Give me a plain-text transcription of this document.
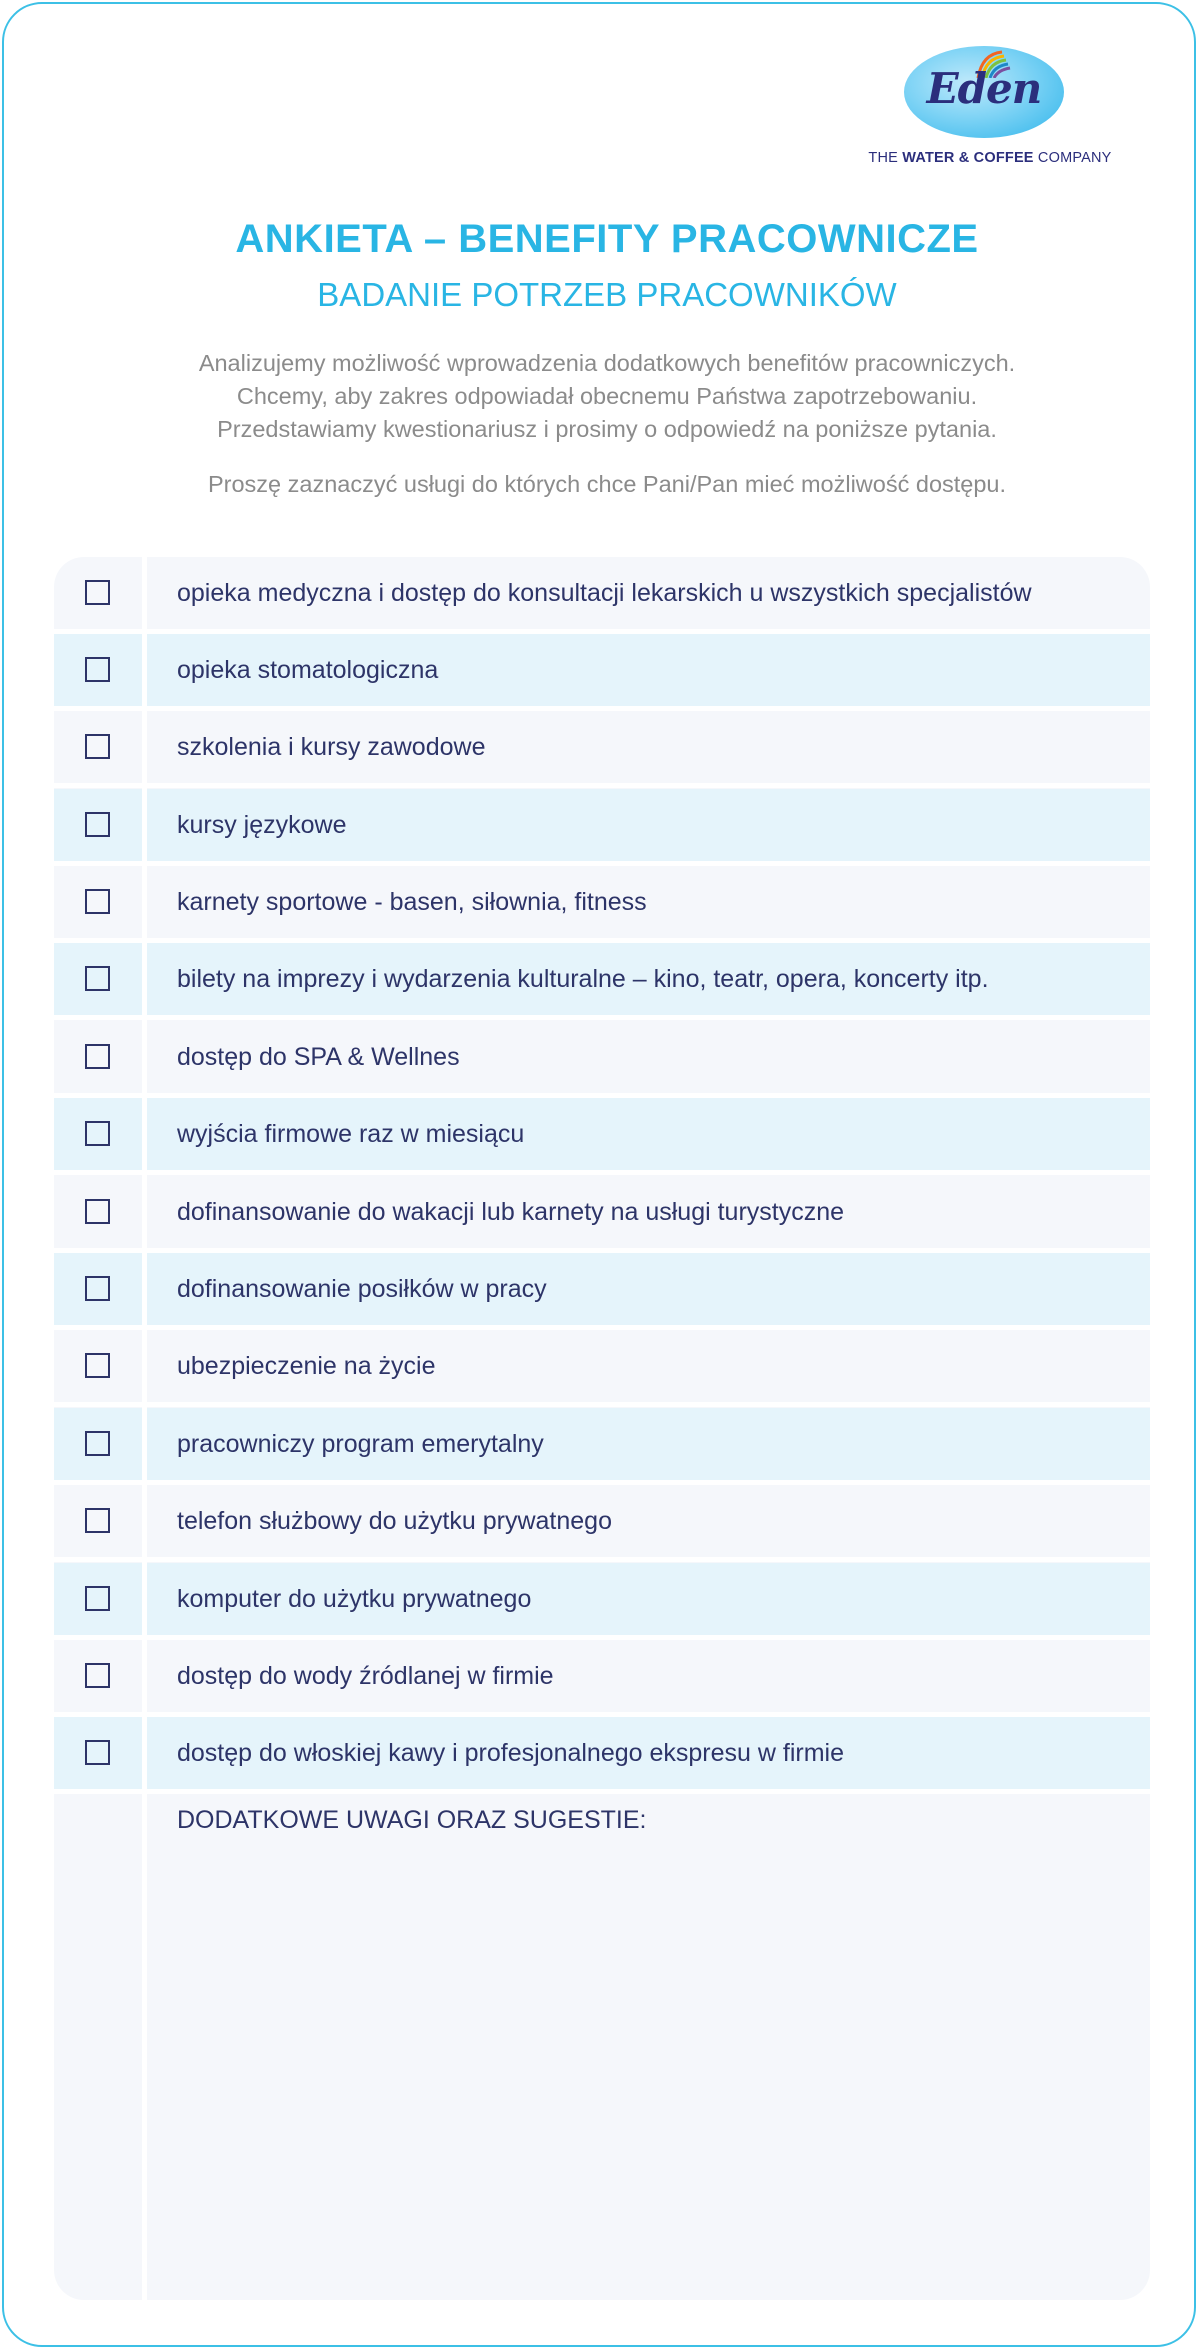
Eden
THE WATER & COFFEE COMPANY
ANKIETA – BENEFITY PRACOWNICZE
BADANIE POTRZEB PRACOWNIKÓW

Analizujemy możliwość wprowadzenia dodatkowych benefitów pracowniczych.

Chcemy, aby zakres odpowiadał obecnemu Państwa zapotrzebowaniu.

Przedstawiamy kwestionariusz i prosimy o odpowiedź na poniższe pytania.

Proszę zaznaczyć usługi do których chce Pani/Pan mieć możliwość dostępu.
opieka medyczna i dostęp do konsultacji lekarskich u wszystkich specjalistów
opieka stomatologiczna
szkolenia i kursy zawodowe
kursy językowe
karnety sportowe - basen, siłownia, fitness
bilety na imprezy i wydarzenia kulturalne – kino, teatr, opera, koncerty itp.
dostęp do SPA & Wellnes
wyjścia firmowe raz w miesiącu
dofinansowanie do wakacji lub karnety na usługi turystyczne
dofinansowanie posiłków w pracy
ubezpieczenie na życie
pracowniczy program emerytalny
telefon służbowy do użytku prywatnego
komputer do użytku prywatnego
dostęp do wody źródlanej w firmie
dostęp do włoskiej kawy i profesjonalnego ekspresu w firmie
DODATKOWE UWAGI ORAZ SUGESTIE:
